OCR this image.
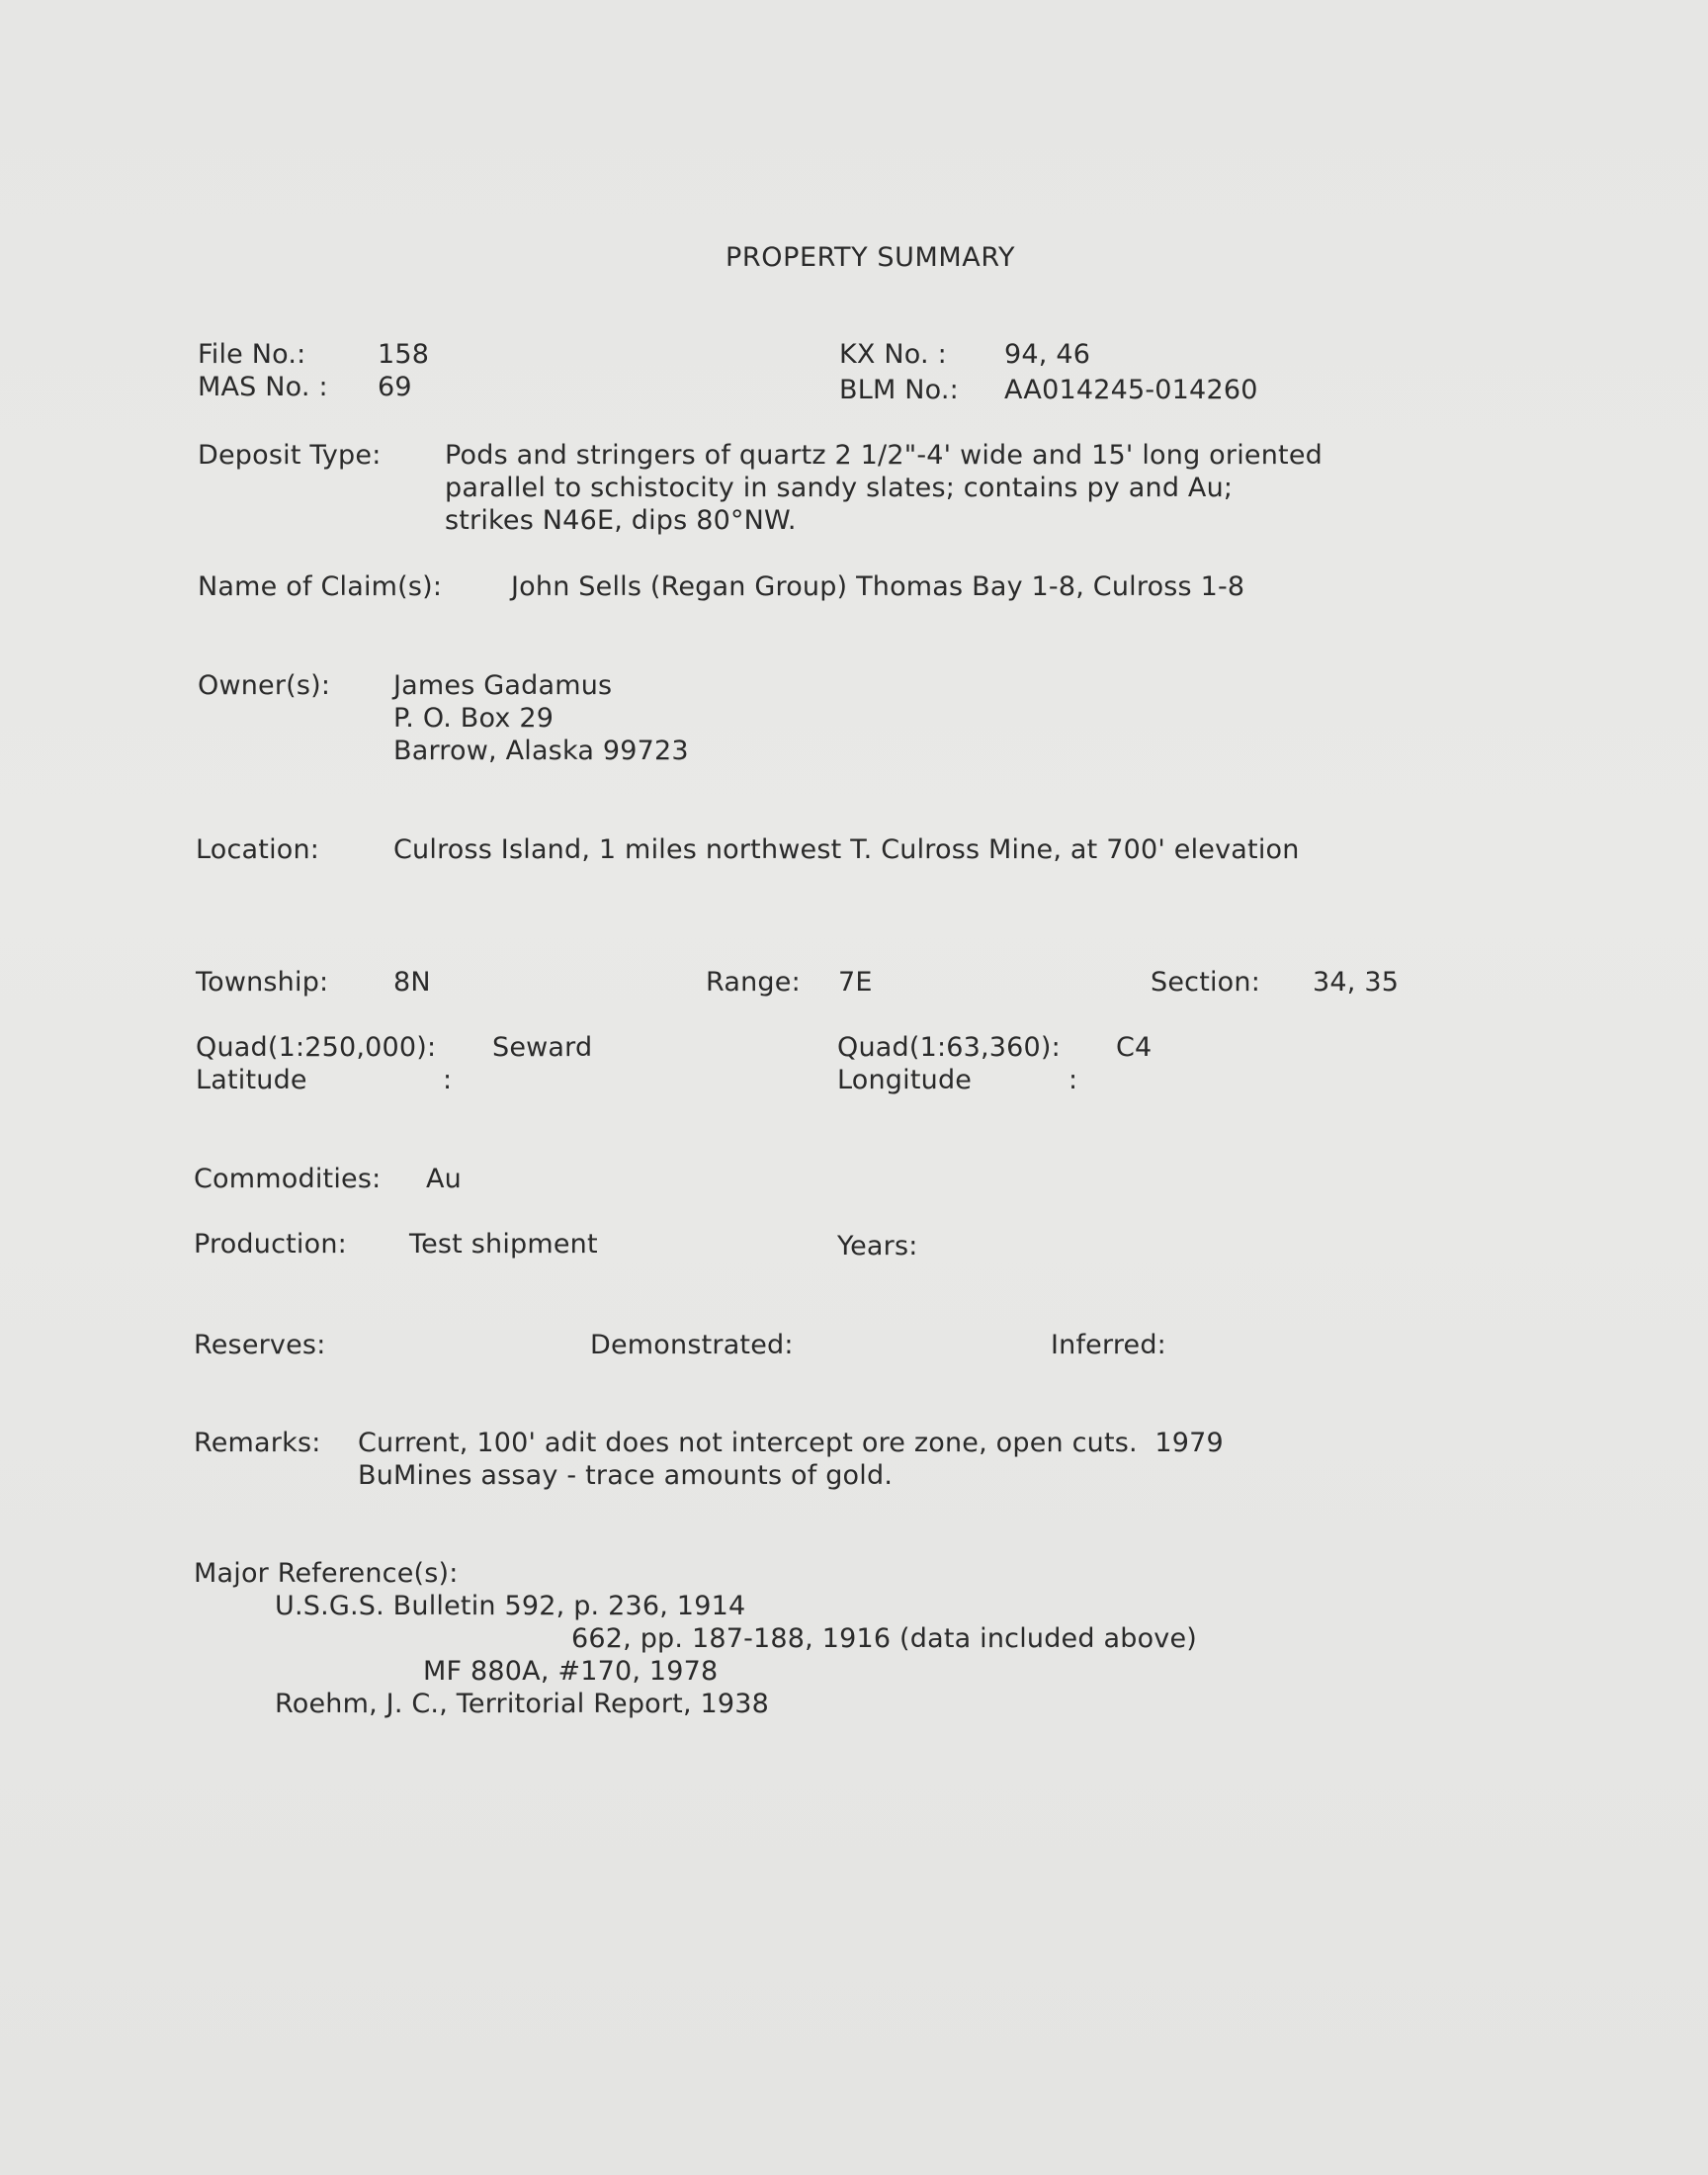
PROPERTY SUMMARY
File No.:	158
MAS No. : 69
KX No. : 94, 46
BLM No.: AA014245-014260
Deposit Type: Pods and stringers of quartz 2 1/2"-4' wide and 15' long oriented
parallel to schistocity in sandy slates; contains py and Au;
strikes N46E, dips 80°NW.
Name of Claim(s):	John Sells (Regan Group) Thomas Bay 1-8, Culross 1-8
Owner(s): James Gadamus
P. O. Box 29
Barrow, Alaska 99723
Location:	Culross Island, 1 miles northwest T. Culross Mine, at 700' elevation
Township: 8N	Range: 7E	Section: 34, 35
Quad(1:250,000): Seward	Quad(1:63,360): C4
Latitude	:	Longitude	:
Commodities: Au
Production: Test shipment	Years:
Reserves:	Demonstrated:	Inferred:
Remarks: Current, 100' adit does not intercept ore zone, open cuts.  1979
BuMines assay - trace amounts of gold.
Major Reference(s):
U.S.G.S. Bulletin 592, p. 236, 1914
662, pp. 187-188, 1916 (data included above)
MF 880A, #170, 1978
Roehm, J. C., Territorial Report, 1938
